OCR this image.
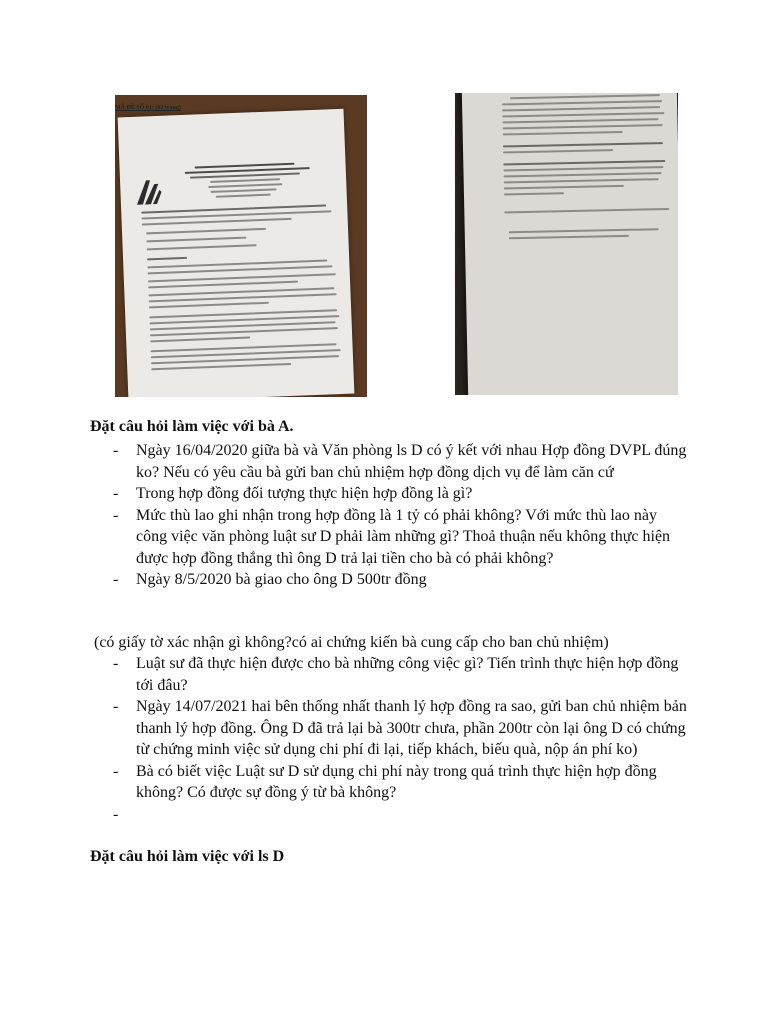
MÃ ĐỀ SỐ 01: (02 trang)

Đặt câu hỏi làm việc với bà A.

- Ngày 16/04/2020 giữa bà và Văn phòng ls D có ý kết với nhau Hợp đồng DVPL đúng ko? Nếu có yêu cầu bà gửi ban chủ nhiệm hợp đồng dịch vụ để làm căn cứ
- Trong hợp đồng đối tượng thực hiện hợp đồng là gì?
- Mức thù lao ghi nhận trong hợp đồng là 1 tỷ có phải không? Với mức thù lao này công việc văn phòng luật sư D phải làm những gì? Thoả thuận nếu không thực hiện được hợp đồng thắng thì ông D trả lại tiền cho bà có phải không?
- Ngày 8/5/2020 bà giao cho ông D 500tr đồng

(có giấy tờ xác nhận gì không?có ai chứng kiến bà cung cấp cho ban chủ nhiệm)

- Luật sư đã thực hiện được cho bà những công việc gì? Tiến trình thực hiện hợp đồng tới đâu?
- Ngày 14/07/2021 hai bên thống nhất thanh lý hợp đồng ra sao, gửi ban chủ nhiệm bản thanh lý hợp đồng. Ông D đã trả lại bà 300tr chưa, phần 200tr còn lại ông D có chứng từ chứng minh việc sử dụng chi phí đi lại, tiếp khách, biếu quà, nộp án phí ko)
- Bà có biết việc Luật sư D sử dụng chi phí này trong quá trình thực hiện hợp đồng không? Có được sự đồng ý từ bà không?
-

Đặt câu hỏi làm việc với ls D
